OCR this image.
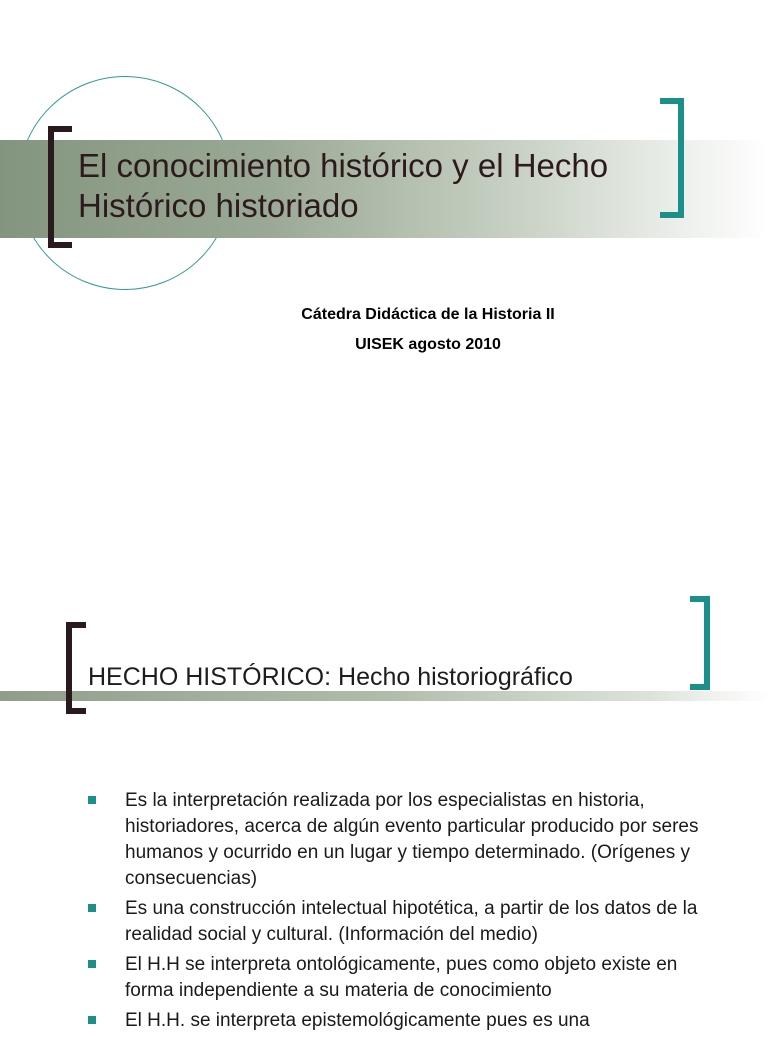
El conocimiento histórico y el Hecho Histórico historiado

Cátedra Didáctica de la Historia II

UISEK agosto 2010

HECHO HISTÓRICO: Hecho historiográfico
Es la interpretación realizada por los especialistas en historia, historiadores, acerca de algún evento particular producido por seres humanos y ocurrido en un lugar y tiempo determinado. (Orígenes y consecuencias)
Es una construcción intelectual hipotética, a partir de los datos de la realidad social y cultural. (Información del medio)
El H.H se interpreta ontológicamente, pues como objeto existe en forma independiente a su materia de conocimiento
El H.H. se interpreta epistemológicamente pues es una
